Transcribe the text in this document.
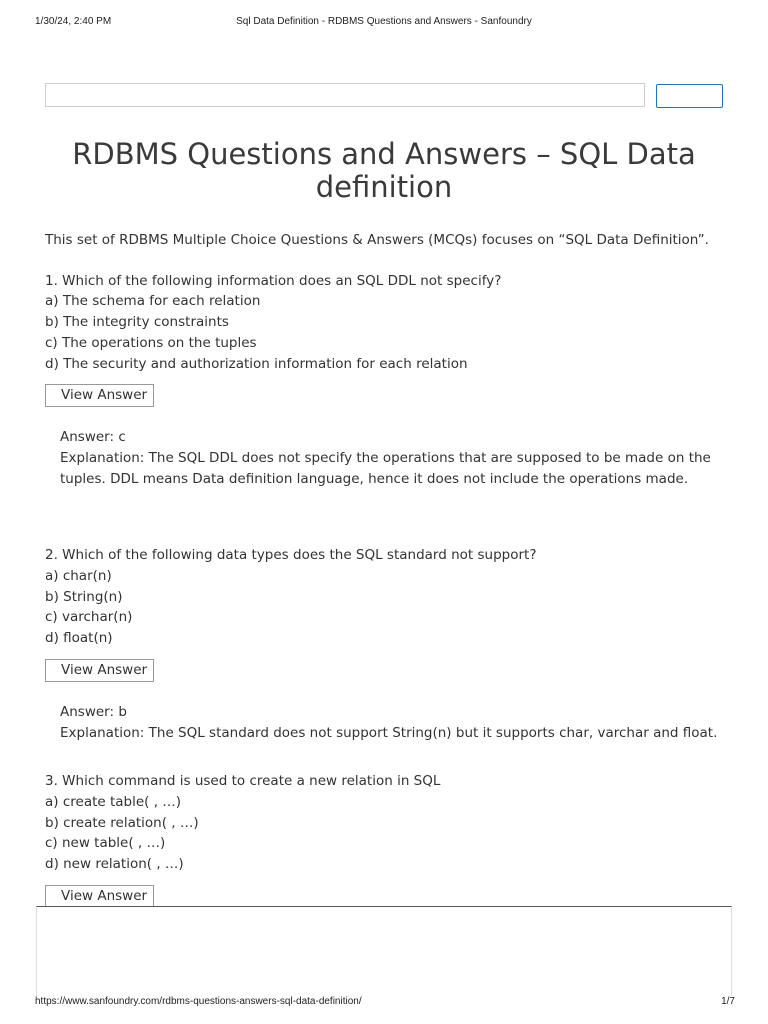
1/30/24, 2:40 PM	Sql Data Definition - RDBMS Questions and Answers - Sanfoundry
RDBMS Questions and Answers – SQL Data definition

This set of RDBMS Multiple Choice Questions & Answers (MCQs) focuses on “SQL Data Definition”.

1. Which of the following information does an SQL DDL not specify?

a) The schema for each relation

b) The integrity constraints

c) The operations on the tuples

d) The security and authorization information for each relation

View Answer

Answer: c

Explanation: The SQL DDL does not specify the operations that are supposed to be made on the tuples. DDL means Data definition language, hence it does not include the operations made.

2. Which of the following data types does the SQL standard not support?

a) char(n)

b) String(n)

c) varchar(n)

d) float(n)

View Answer

Answer: b

Explanation: The SQL standard does not support String(n) but it supports char, varchar and float.

3. Which command is used to create a new relation in SQL

a) create table( , …)

b) create relation( , …)

c) new table( , …)

d) new relation( , …)

View Answer
https://www.sanfoundry.com/rdbms-questions-answers-sql-data-definition/	1/7
